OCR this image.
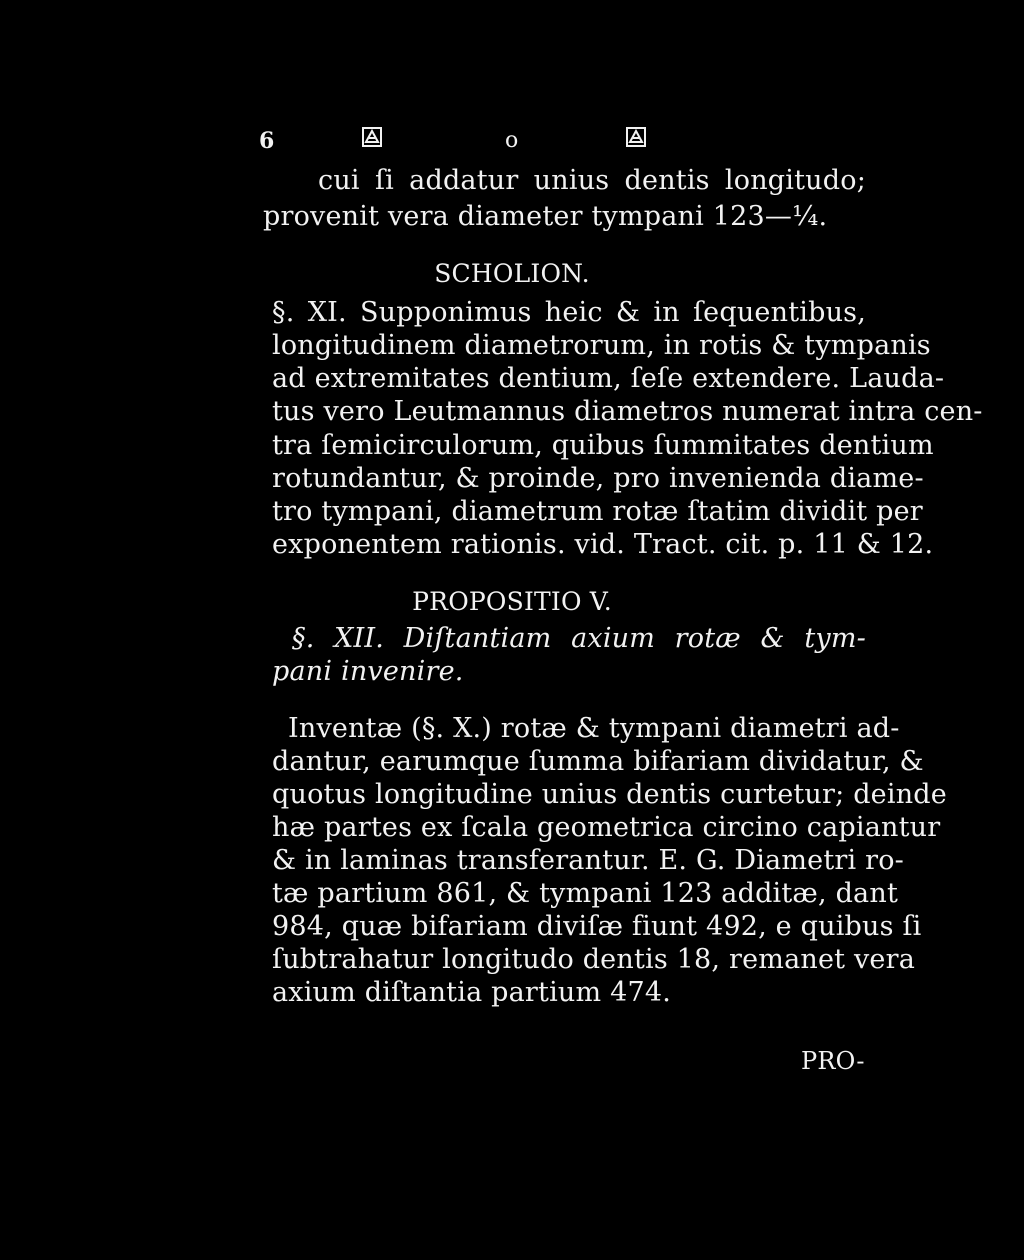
6	o
cui ſi addatur unius dentis longitudo;
provenit vera diameter tympani 123—¼.
SCHOLION.
§. XI. Supponimus heic & in ſequentibus,
longitudinem diametrorum, in rotis & tympanis
ad extremitates dentium, ſeſe extendere. Lauda-
tus vero Leutmannus diametros numerat intra cen-
tra ſemicirculorum, quibus ſummitates dentium
rotundantur, & proinde, pro invenienda diame-
tro tympani, diametrum rotæ ſtatim dividit per
exponentem rationis. vid. Tract. cit. p. 11 & 12.
PROPOSITIO V.
§. XII. Diſtantiam axium rotæ & tym-
pani invenire.
Inventæ (§. X.) rotæ & tympani diametri ad-
dantur, earumque ſumma bifariam dividatur, &
quotus longitudine unius dentis curtetur; deinde
hæ partes ex ſcala geometrica circino capiantur
& in laminas transferantur. E. G. Diametri ro-
tæ partium 861, & tympani 123 additæ, dant
984, quæ bifariam diviſæ fiunt 492, e quibus ſi
ſubtrahatur longitudo dentis 18, remanet vera
axium diſtantia partium 474.
PRO-
